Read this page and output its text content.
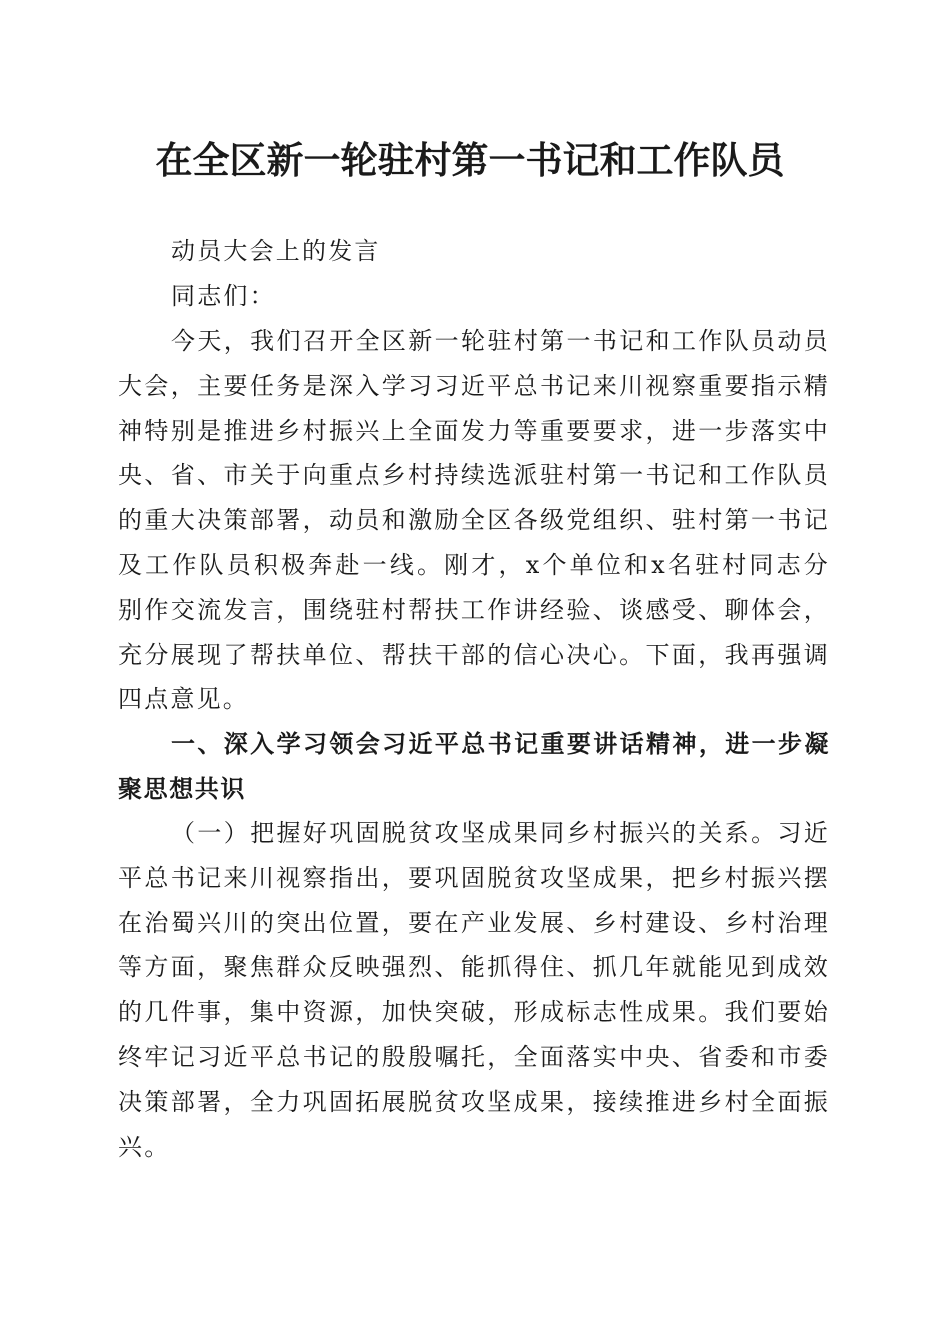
在全区新一轮驻村第一书记和工作队员

动员大会上的发言

同志们：

今天，我们召开全区新一轮驻村第一书记和工作队员动员大会，主要任务是深入学习习近平总书记来川视察重要指示精神特别是推进乡村振兴上全面发力等重要要求，进一步落实中央、省、市关于向重点乡村持续选派驻村第一书记和工作队员的重大决策部署，动员和激励全区各级党组织、驻村第一书记及工作队员积极奔赴一线。刚才，x个单位和x名驻村同志分别作交流发言，围绕驻村帮扶工作讲经验、谈感受、聊体会，充分展现了帮扶单位、帮扶干部的信心决心。下面，我再强调四点意见。

一、深入学习领会习近平总书记重要讲话精神，进一步凝聚思想共识

（一）把握好巩固脱贫攻坚成果同乡村振兴的关系。习近平总书记来川视察指出，要巩固脱贫攻坚成果，把乡村振兴摆在治蜀兴川的突出位置，要在产业发展、乡村建设、乡村治理等方面，聚焦群众反映强烈、能抓得住、抓几年就能见到成效的几件事，集中资源，加快突破，形成标志性成果。我们要始终牢记习近平总书记的殷殷嘱托，全面落实中央、省委和市委决策部署，全力巩固拓展脱贫攻坚成果，接续推进乡村全面振兴。
